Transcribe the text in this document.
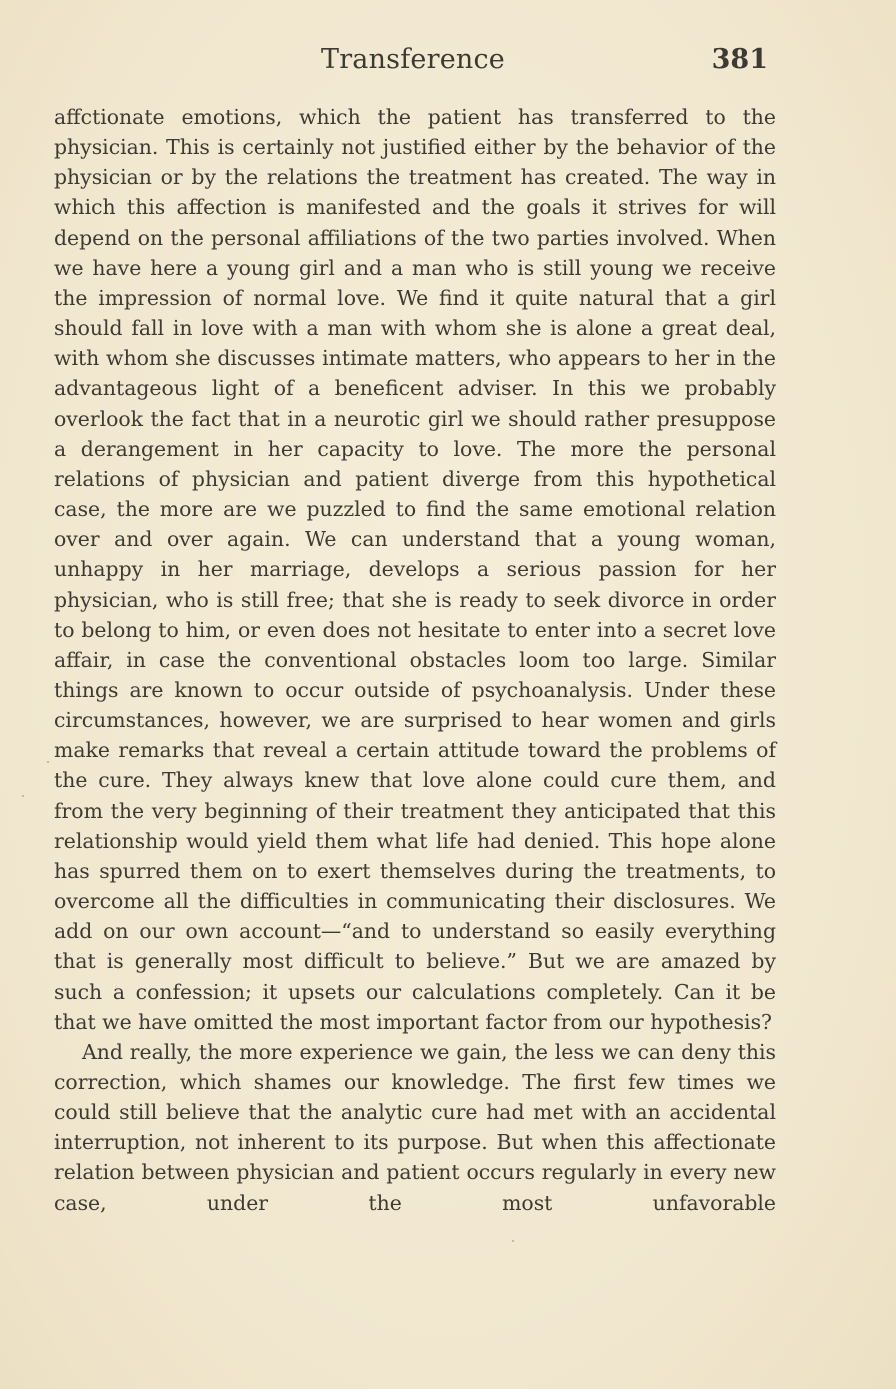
Transference	381

affctionate emotions, which the patient has transferred to the physician. This is certainly not justified either by the behavior of the physician or by the relations the treatment has created. The way in which this affection is manifested and the goals it strives for will depend on the personal affiliations of the two parties involved. When we have here a young girl and a man who is still young we receive the impression of normal love. We find it quite natural that a girl should fall in love with a man with whom she is alone a great deal, with whom she discusses intimate matters, who appears to her in the advantageous light of a beneficent adviser. In this we probably overlook the fact that in a neurotic girl we should rather presuppose a derangement in her capacity to love. The more the personal relations of physician and patient diverge from this hypothetical case, the more are we puzzled to find the same emotional relation over and over again. We can understand that a young woman, unhappy in her marriage, develops a serious passion for her physician, who is still free; that she is ready to seek divorce in order to belong to him, or even does not hesitate to enter into a secret love affair, in case the conventional obstacles loom too large. Similar things are known to occur outside of psychoanalysis. Under these circumstances, however, we are surprised to hear women and girls make remarks that reveal a certain attitude toward the problems of the cure. They always knew that love alone could cure them, and from the very beginning of their treatment they anticipated that this relationship would yield them what life had denied. This hope alone has spurred them on to exert themselves during the treatments, to overcome all the difficulties in communicating their disclosures. We add on our own account—“and to understand so easily everything that is generally most difficult to believe.” But we are amazed by such a confession; it upsets our calculations completely. Can it be that we have omitted the most important factor from our hypothesis?

And really, the more experience we gain, the less we can deny this correction, which shames our knowledge. The first few times we could still believe that the analytic cure had met with an accidental interruption, not inherent to its purpose. But when this affectionate relation between physician and patient occurs regularly in every new case, under the most unfavorable
